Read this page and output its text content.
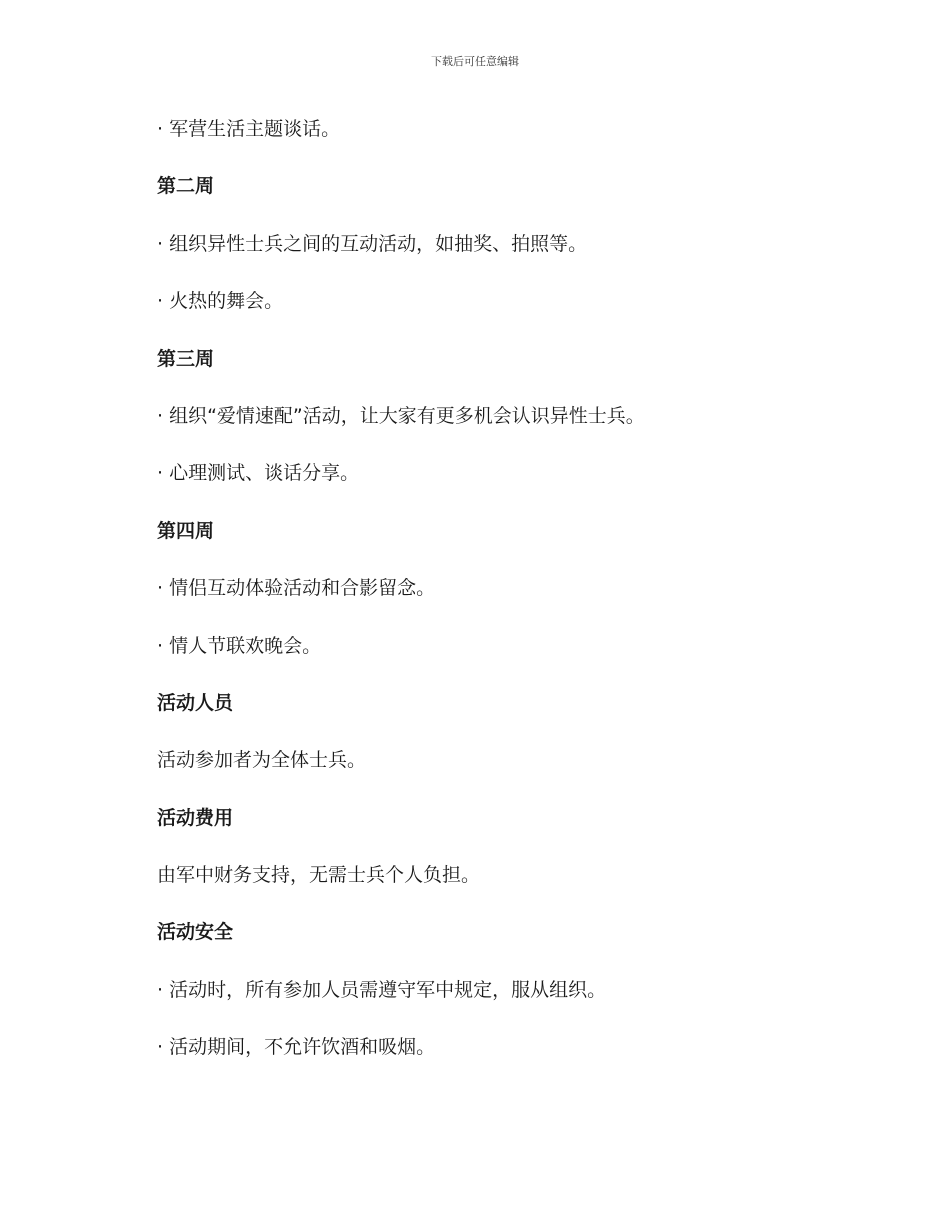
下载后可任意编辑
· 军营生活主题谈话。
第二周
· 组织异性士兵之间的互动活动，如抽奖、拍照等。
· 火热的舞会。
第三周
· 组织“爱情速配”活动，让大家有更多机会认识异性士兵。
· 心理测试、谈话分享。
第四周
· 情侣互动体验活动和合影留念。
· 情人节联欢晚会。
活动人员
活动参加者为全体士兵。
活动费用
由军中财务支持，无需士兵个人负担。
活动安全
· 活动时，所有参加人员需遵守军中规定，服从组织。
· 活动期间，不允许饮酒和吸烟。
